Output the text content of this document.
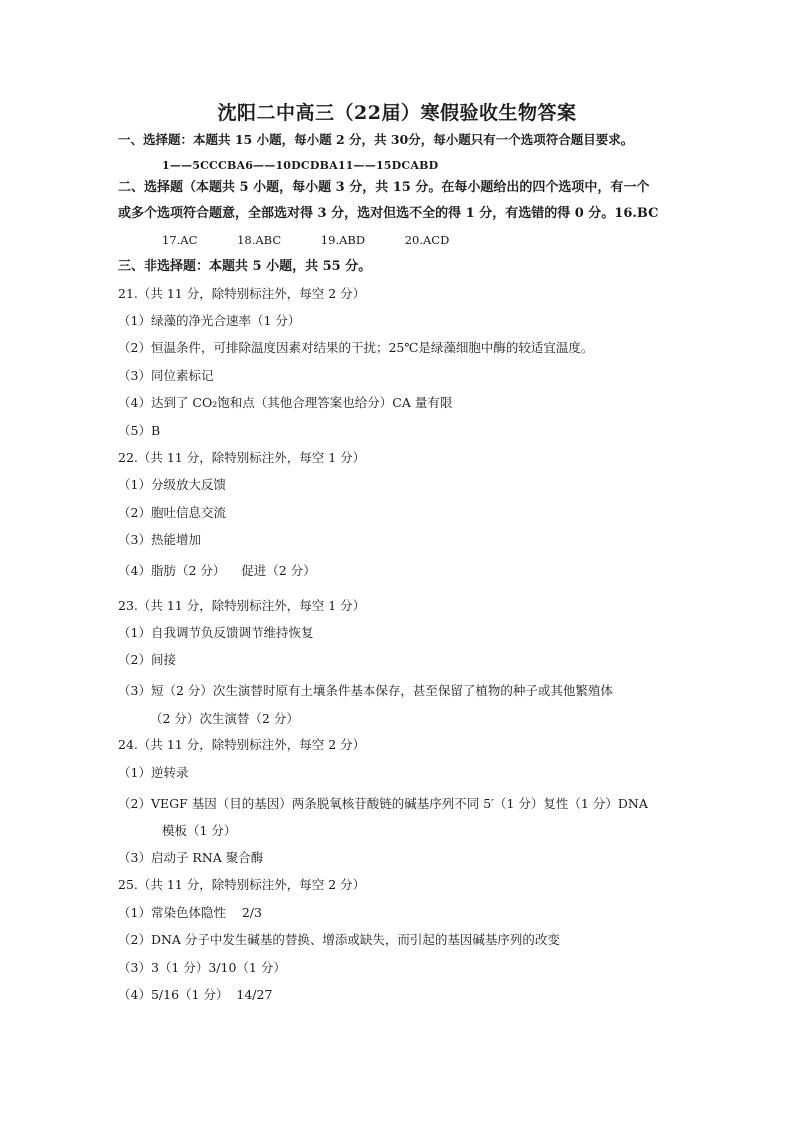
沈阳二中高三（22届）寒假验收生物答案
一、选择题：本题共 15 小题，每小题 2 分，共 30分，每小题只有一个选项符合题目要求。
1——5CCCBA6——10DCDBA11——15DCABD
二、选择题（本题共 5 小题，每小题 3 分，共 15 分。在每小题给出的四个选项中，有一个
或多个选项符合题意，全部选对得 3 分，选对但选不全的得 1 分，有选错的得 0 分。16.BC
17.AC	18.ABC	19.ABD	20.ACD
三、非选择题：本题共 5 小题，共 55 分。
21.（共 11 分，除特别标注外，每空 2 分）
（1）绿藻的净光合速率（1 分）
（2）恒温条件，可排除温度因素对结果的干扰；25℃是绿藻细胞中酶的较适宜温度。
（3）同位素标记
（4）达到了 CO₂饱和点（其他合理答案也给分）CA 量有限
（5）B
22.（共 11 分，除特别标注外，每空 1 分）
（1）分级放大反馈
（2）胞吐信息交流
（3）热能增加
（4）脂肪（2 分）    促进（2 分）
23.（共 11 分，除特别标注外，每空 1 分）
（1）自我调节负反馈调节维持恢复
（2）间接
（3）短（2 分）次生演替时原有土壤条件基本保存，甚至保留了植物的种子或其他繁殖体
（2 分）次生演替（2 分）
24.（共 11 分，除特别标注外，每空 2 分）
（1）逆转录
（2）VEGF 基因（目的基因）两条脱氧核苷酸链的碱基序列不同 5′（1 分）复性（1 分）DNA
模板（1 分）
（3）启动子 RNA 聚合酶
25.（共 11 分，除特别标注外，每空 2 分）
（1）常染色体隐性    2/3
（2）DNA 分子中发生碱基的替换、增添或缺失，而引起的基因碱基序列的改变
（3）3（1 分）3/10（1 分）
（4）5/16（1 分）  14/27
